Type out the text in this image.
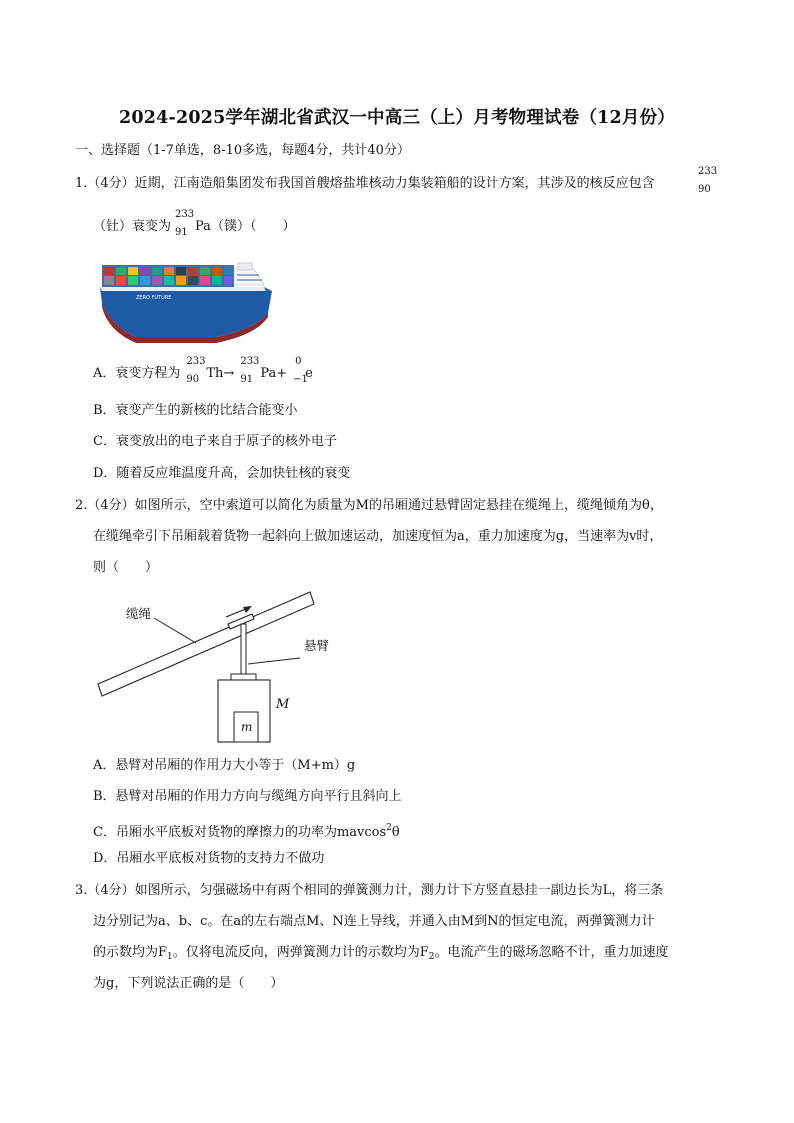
2024-2025学年湖北省武汉一中高三（上）月考物理试卷（12月份）
一、选择题（1-7单选，8-10多选，每题4分，共计40分）
1.（4分）近期，江南造船集团发布我国首艘熔盐堆核动力集装箱船的设计方案，其涉及的核反应包含
233
90
（钍）衰变为
233
91 Pa（镤）（　　）
ZERO FUTURE
A．衰变方程为
233
90 Th→
233
91 Pa+
0
−1
e
B．衰变产生的新核的比结合能变小
C．衰变放出的电子来自于原子的核外电子
D．随着反应堆温度升高，会加快钍核的衰变
2.（4分）如图所示，空中索道可以简化为质量为M的吊厢通过悬臂固定悬挂在缆绳上，缆绳倾角为θ，
在缆绳牵引下吊厢载着货物一起斜向上做加速运动，加速度恒为a，重力加速度为g，当速率为v时，
则（　　）
缆绳
悬臂
M
m
A．悬臂对吊厢的作用力大小等于（M+m）g
B．悬臂对吊厢的作用力方向与缆绳方向平行且斜向上
C．吊厢水平底板对货物的摩擦力的功率为mavcos$^2$θ
D．吊厢水平底板对货物的支持力不做功
3.（4分）如图所示，匀强磁场中有两个相同的弹簧测力计，测力计下方竖直悬挂一副边长为L，将三条
边分别记为a、b、c。在a的左右端点M、N连上导线，并通入由M到N的恒定电流，两弹簧测力计
的示数均为$F_1$。仅将电流反向，两弹簧测力计的示数均为$F_2$。电流产生的磁场忽略不计，重力加速度
为g，下列说法正确的是（　　）
